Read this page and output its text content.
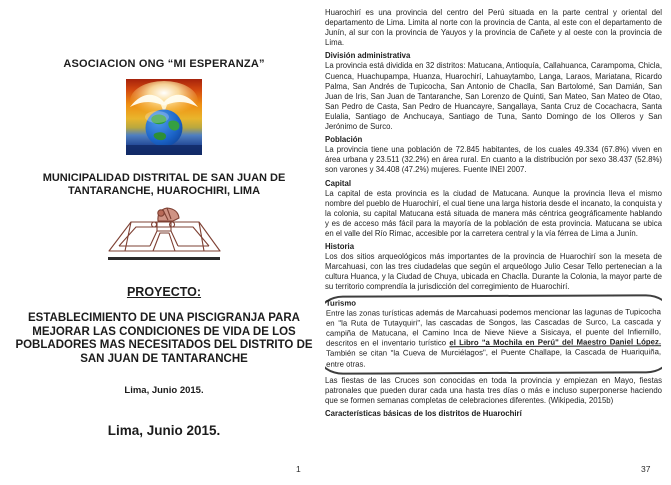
ASOCIACION ONG “MI ESPERANZA”
MUNICIPALIDAD DISTRITAL DE SAN JUAN DE TANTARANCHE, HUAROCHIRI, LIMA
PROYECTO:
ESTABLECIMIENTO DE UNA PISCIGRANJA PARA MEJORAR LAS CONDICIONES DE VIDA DE LOS POBLADORES MAS NECESITADOS DEL DISTRITO DE SAN JUAN DE TANTARANCHE
Lima, Junio 2015.
Lima, Junio 2015.
1

Huarochirí es una provincia del centro del Perú situada en la parte central y oriental del departamento de Lima. Limita al norte con la provincia de Canta, al este con el departamento de Junín, al sur con la provincia de Yauyos y la provincia de Cañete y al oeste con la provincia de Lima.

División administrativa

La provincia está dividida en 32 distritos: Matucana, Antioquía, Callahuanca, Carampoma, Chicla, Cuenca, Huachupampa, Huanza, Huarochirí, Lahuaytambo, Langa, Laraos, Mariatana, Ricardo Palma, San Andrés de Tupicocha, San Antonio de Chaclla, San Bartolomé, San Damián, San Juan de Iris, San Juan de Tantaranche, San Lorenzo de Quinti, San Mateo, San Mateo de Otao, San Pedro de Casta, San Pedro de Huancayre, Sangallaya, Santa Cruz de Cocachacra, Santa Eulalia, Santiago de Anchucaya, Santiago de Tuna, Santo Domingo de los Olleros y San Jerónimo de Surco.

Población

La provincia tiene una población de 72.845 habitantes, de los cuales 49.334 (67.8%) viven en área urbana y 23.511 (32.2%) en área rural. En cuanto a la distribución por sexo 38.437 (52.8%) son varones y 34.408 (47.2%) mujeres. Fuente INEI 2007.

Capital

La capital de esta provincia es la ciudad de Matucana. Aunque la provincia lleva el mismo nombre del pueblo de Huarochirí, el cual tiene una larga historia desde el incanato, la conquista y la colonia, su capital Matucana está situada de manera más céntrica geográficamente hablando y es de acceso más fácil para la mayoría de la población de esta provincia. Matucana se ubica en el valle del Río Rimac, accesible por la carretera central y la vía férrea de Lima a Junín.

Historia

Los dos sitios arqueológicos más importantes de la provincia de Huarochirí son la meseta de Marcahuasi, con las tres ciudadelas que según el arqueólogo Julio Cesar Tello pertenecian a la cultura Huanca, y la Ciudad de Chuya, ubicada en Chaclla. Durante la Colonia, la mayor parte de su territorio comprendía la jurisdicción del corregimiento de Huarochirí.

Turismo

Entre las zonas turísticas además de Marcahuasi podemos mencionar las lagunas de Tupicocha en "la Ruta de Tutayquiri", las cascadas de Songos, las Cascadas de Surco, La cascada y campiña de Matucana, el Camino Inca de Nieve Nieve a Sisicaya, el puente del Infiernillo, descritos en el inventario turístico el Libro "a Mochila en Perú" del Maestro Daniel López. También se citan "la Cueva de Murciélagos", el Puente Challape, la Cascada de Huariquiña, entre otras.

Las fiestas de las Cruces son conocidas en toda la provincia y empiezan en Mayo, fiestas patronales que pueden durar cada una hasta tres días o más e incluso superponerse haciendo que se formen semanas completas de celebraciones diferentes. (Wikipedia, 2015b)

Características básicas de los distritos de Huarochirí

37
